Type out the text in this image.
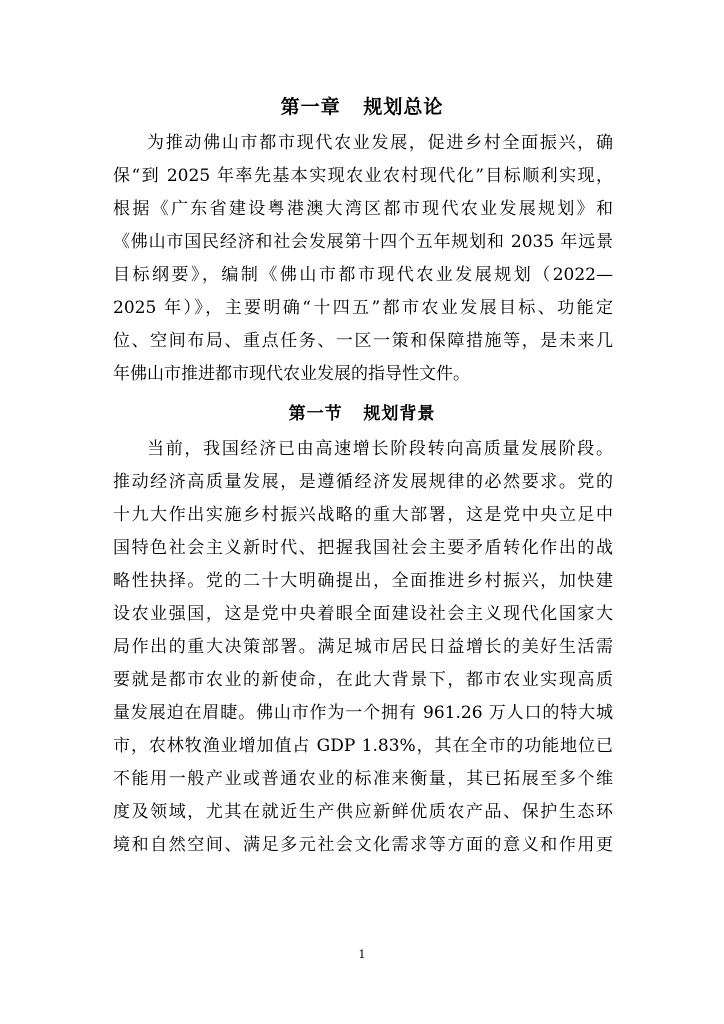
第一章   规划总论
为推动佛山市都市现代农业发展，促进乡村全面振兴，确
保“到 2025 年率先基本实现农业农村现代化”目标顺利实现，
根据《广东省建设粤港澳大湾区都市现代农业发展规划》和
《佛山市国民经济和社会发展第十四个五年规划和 2035 年远景
目标纲要》，编制《佛山市都市现代农业发展规划（2022—
2025 年）》，主要明确“十四五”都市农业发展目标、功能定
位、空间布局、重点任务、一区一策和保障措施等，是未来几
年佛山市推进都市现代农业发展的指导性文件。
第一节   规划背景
当前，我国经济已由高速增长阶段转向高质量发展阶段。
推动经济高质量发展，是遵循经济发展规律的必然要求。党的
十九大作出实施乡村振兴战略的重大部署，这是党中央立足中
国特色社会主义新时代、把握我国社会主要矛盾转化作出的战
略性抉择。党的二十大明确提出，全面推进乡村振兴，加快建
设农业强国，这是党中央着眼全面建设社会主义现代化国家大
局作出的重大决策部署。满足城市居民日益增长的美好生活需
要就是都市农业的新使命，在此大背景下，都市农业实现高质
量发展迫在眉睫。佛山市作为一个拥有 961.26 万人口的特大城
市，农林牧渔业增加值占 GDP 1.83%，其在全市的功能地位已
不能用一般产业或普通农业的标准来衡量，其已拓展至多个维
度及领域，尤其在就近生产供应新鲜优质农产品、保护生态环
境和自然空间、满足多元社会文化需求等方面的意义和作用更
1
